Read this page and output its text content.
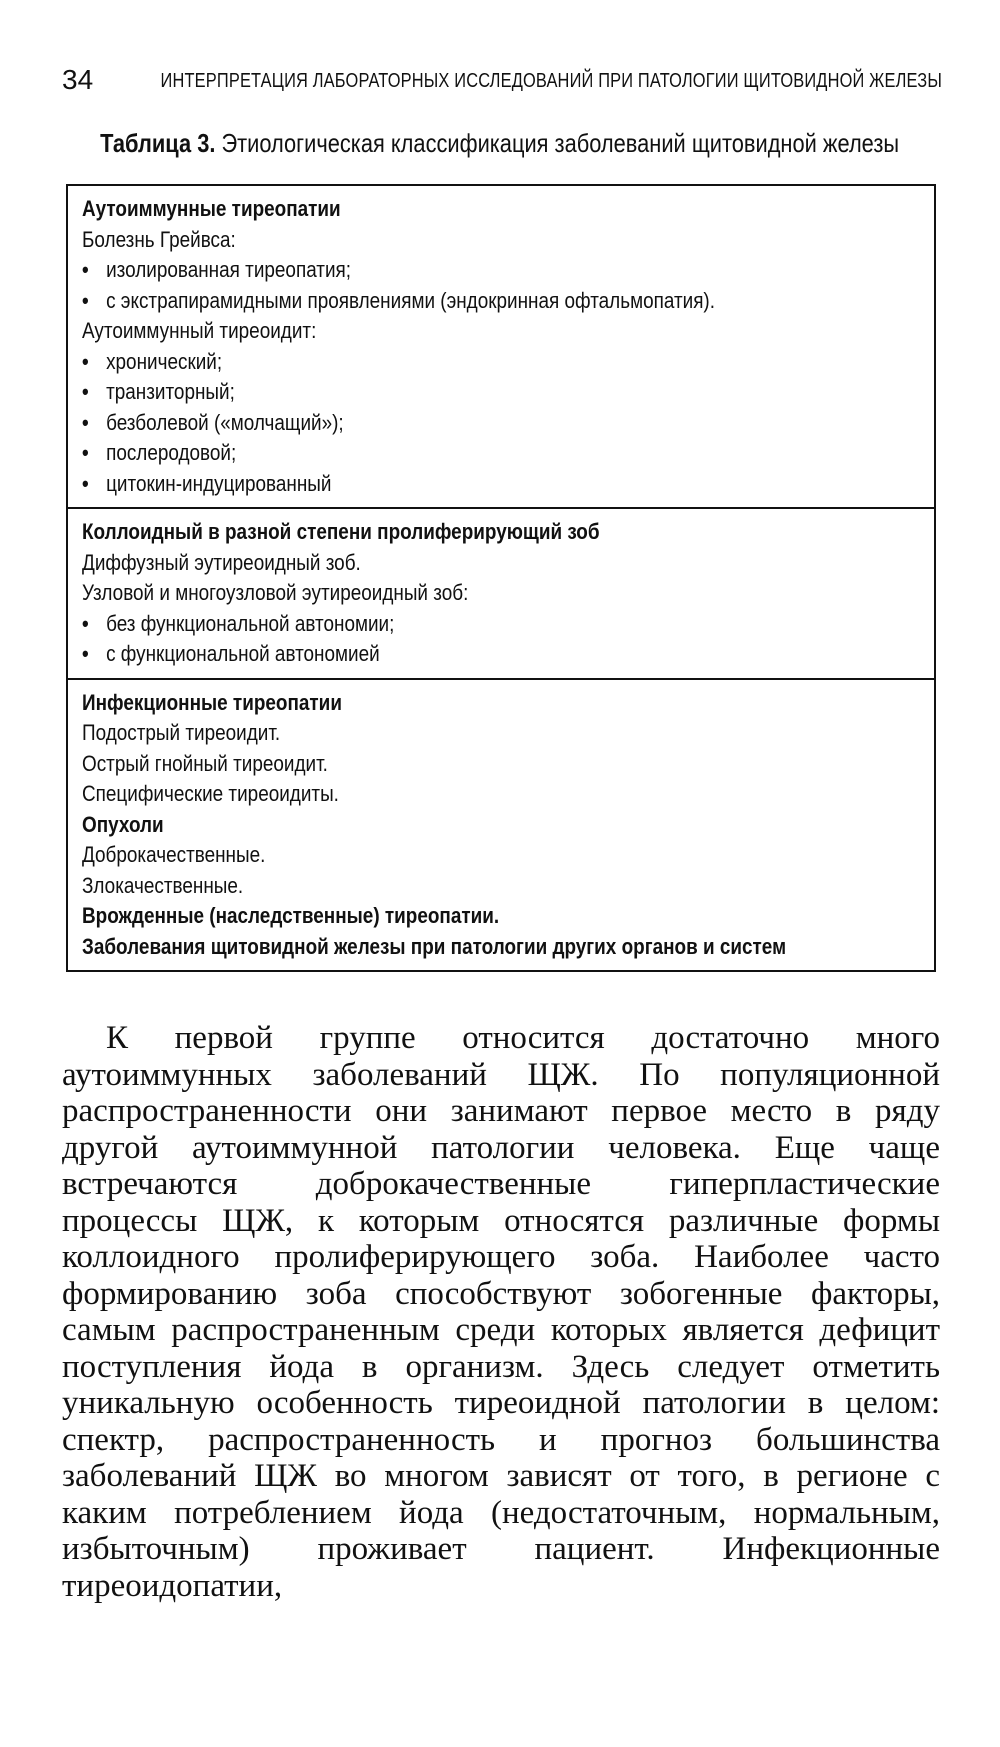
34	ИНТЕРПРЕТАЦИЯ ЛАБОРАТОРНЫХ ИССЛЕДОВАНИЙ ПРИ ПАТОЛОГИИ ЩИТОВИДНОЙ ЖЕЛЕЗЫ
Таблица 3. Этиологическая классификация заболеваний щитовидной железы
Аутоиммунные тиреопатии
Болезнь Грейвса:
• изолированная тиреопатия;
• с экстрапирамидными проявлениями (эндокринная офтальмопатия).
Аутоиммунный тиреоидит:
• хронический;
• транзиторный;
• безболевой («молчащий»);
• послеродовой;
• цитокин-индуцированный
Коллоидный в разной степени пролиферирующий зоб
Диффузный эутиреоидный зоб.
Узловой и многоузловой эутиреоидный зоб:
• без функциональной автономии;
• с функциональной автономией
Инфекционные тиреопатии
Подострый тиреоидит.
Острый гнойный тиреоидит.
Специфические тиреоидиты.
Опухоли
Доброкачественные.
Злокачественные.
Врожденные (наследственные) тиреопатии.
Заболевания щитовидной железы при патологии других органов и систем
К первой группе относится достаточно много аутоиммунных заболеваний ЩЖ. По популяционной распространенности они занимают первое место в ряду другой аутоиммунной патологии человека. Еще чаще встречаются доброкачественные гиперпластические процессы ЩЖ, к которым относятся различные формы коллоидного пролиферирующего зоба. Наиболее часто формированию зоба способствуют зобогенные факторы, самым распространенным среди которых является дефицит поступления йода в организм. Здесь следует отметить уникальную особенность тиреоидной патологии в целом: спектр, распространенность и прогноз большинства заболеваний ЩЖ во многом зависят от того, в регионе с каким потреблением йода (недостаточным, нормальным, избыточным) проживает пациент. Инфекционные тиреоидопатии,
